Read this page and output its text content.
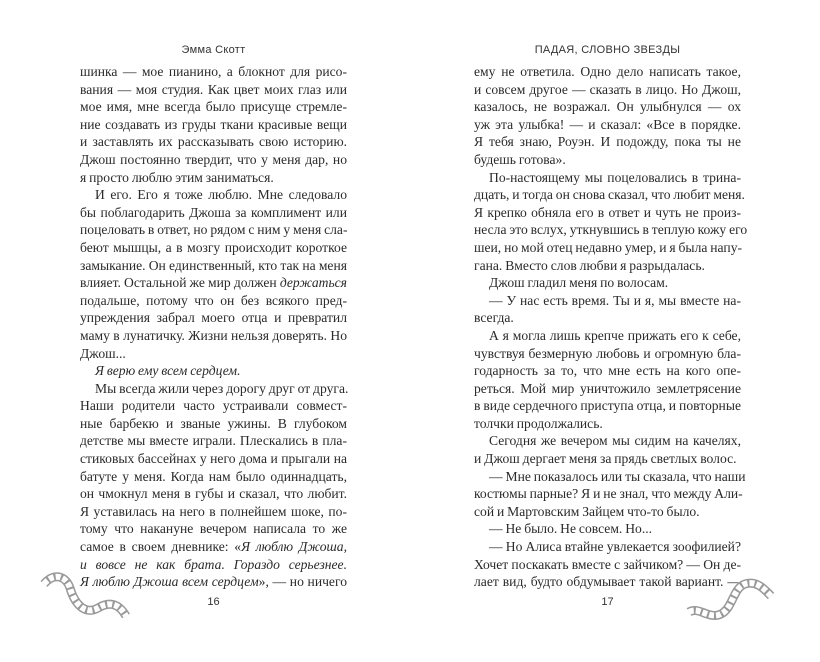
Эмма Скотт
шинка — мое пианино, а блокнот для рисо-
вания — моя студия. Как цвет моих глаз или
мое имя, мне всегда было присуще стремле-
ние создавать из груды ткани красивые вещи
и заставлять их рассказывать свою историю.
Джош постоянно твердит, что у меня дар, но
я просто люблю этим заниматься.
И его. Его я тоже люблю. Мне следовало
бы поблагодарить Джоша за комплимент или
поцеловать в ответ, но рядом с ним у меня сла-
беют мышцы, а в мозгу происходит короткое
замыкание. Он единственный, кто так на меня
влияет. Остальной же мир должен держаться
подальше, потому что он без всякого пред-
упреждения забрал моего отца и превратил
маму в лунатичку. Жизни нельзя доверять. Но
Джош...
Я верю ему всем сердцем.
Мы всегда жили через дорогу друг от друга.
Наши родители часто устраивали совмест-
ные барбекю и званые ужины. В глубоком
детстве мы вместе играли. Плескались в пла-
стиковых бассейнах у него дома и прыгали на
батуте у меня. Когда нам было одиннадцать,
он чмокнул меня в губы и сказал, что любит.
Я уставилась на него в полнейшем шоке, по-
тому что накануне вечером написала то же
самое в своем дневнике: «Я люблю Джоша,
и вовсе не как брата. Гораздо серьезнее.
Я люблю Джоша всем сердцем», — но ничего
16
ПАДАЯ, СЛОВНО ЗВЕЗДЫ
ему не ответила. Одно дело написать такое,
и совсем другое — сказать в лицо. Но Джош,
казалось, не возражал. Он улыбнулся — ох
уж эта улыбка! — и сказал: «Все в порядке.
Я тебя знаю, Роуэн. И подожду, пока ты не
будешь готова».
По-настоящему мы поцеловались в трина-
дцать, и тогда он снова сказал, что любит меня.
Я крепко обняла его в ответ и чуть не произ-
несла это вслух, уткнувшись в теплую кожу его
шеи, но мой отец недавно умер, и я была напу-
гана. Вместо слов любви я разрыдалась.
Джош гладил меня по волосам.
— У нас есть время. Ты и я, мы вместе на-
всегда.
А я могла лишь крепче прижать его к себе,
чувствуя безмерную любовь и огромную бла-
годарность за то, что мне есть на кого опе-
реться. Мой мир уничтожило землетрясение
в виде сердечного приступа отца, и повторные
толчки продолжались.
Сегодня же вечером мы сидим на качелях,
и Джош дергает меня за прядь светлых волос.
— Мне показалось или ты сказала, что наши
костюмы парные? Я и не знал, что между Али-
сой и Мартовским Зайцем что-то было.
— Не было. Не совсем. Но...
— Но Алиса втайне увлекается зоофилией?
Хочет поскакать вместе с зайчиком? — Он де-
лает вид, будто обдумывает такой вариант. —
17
